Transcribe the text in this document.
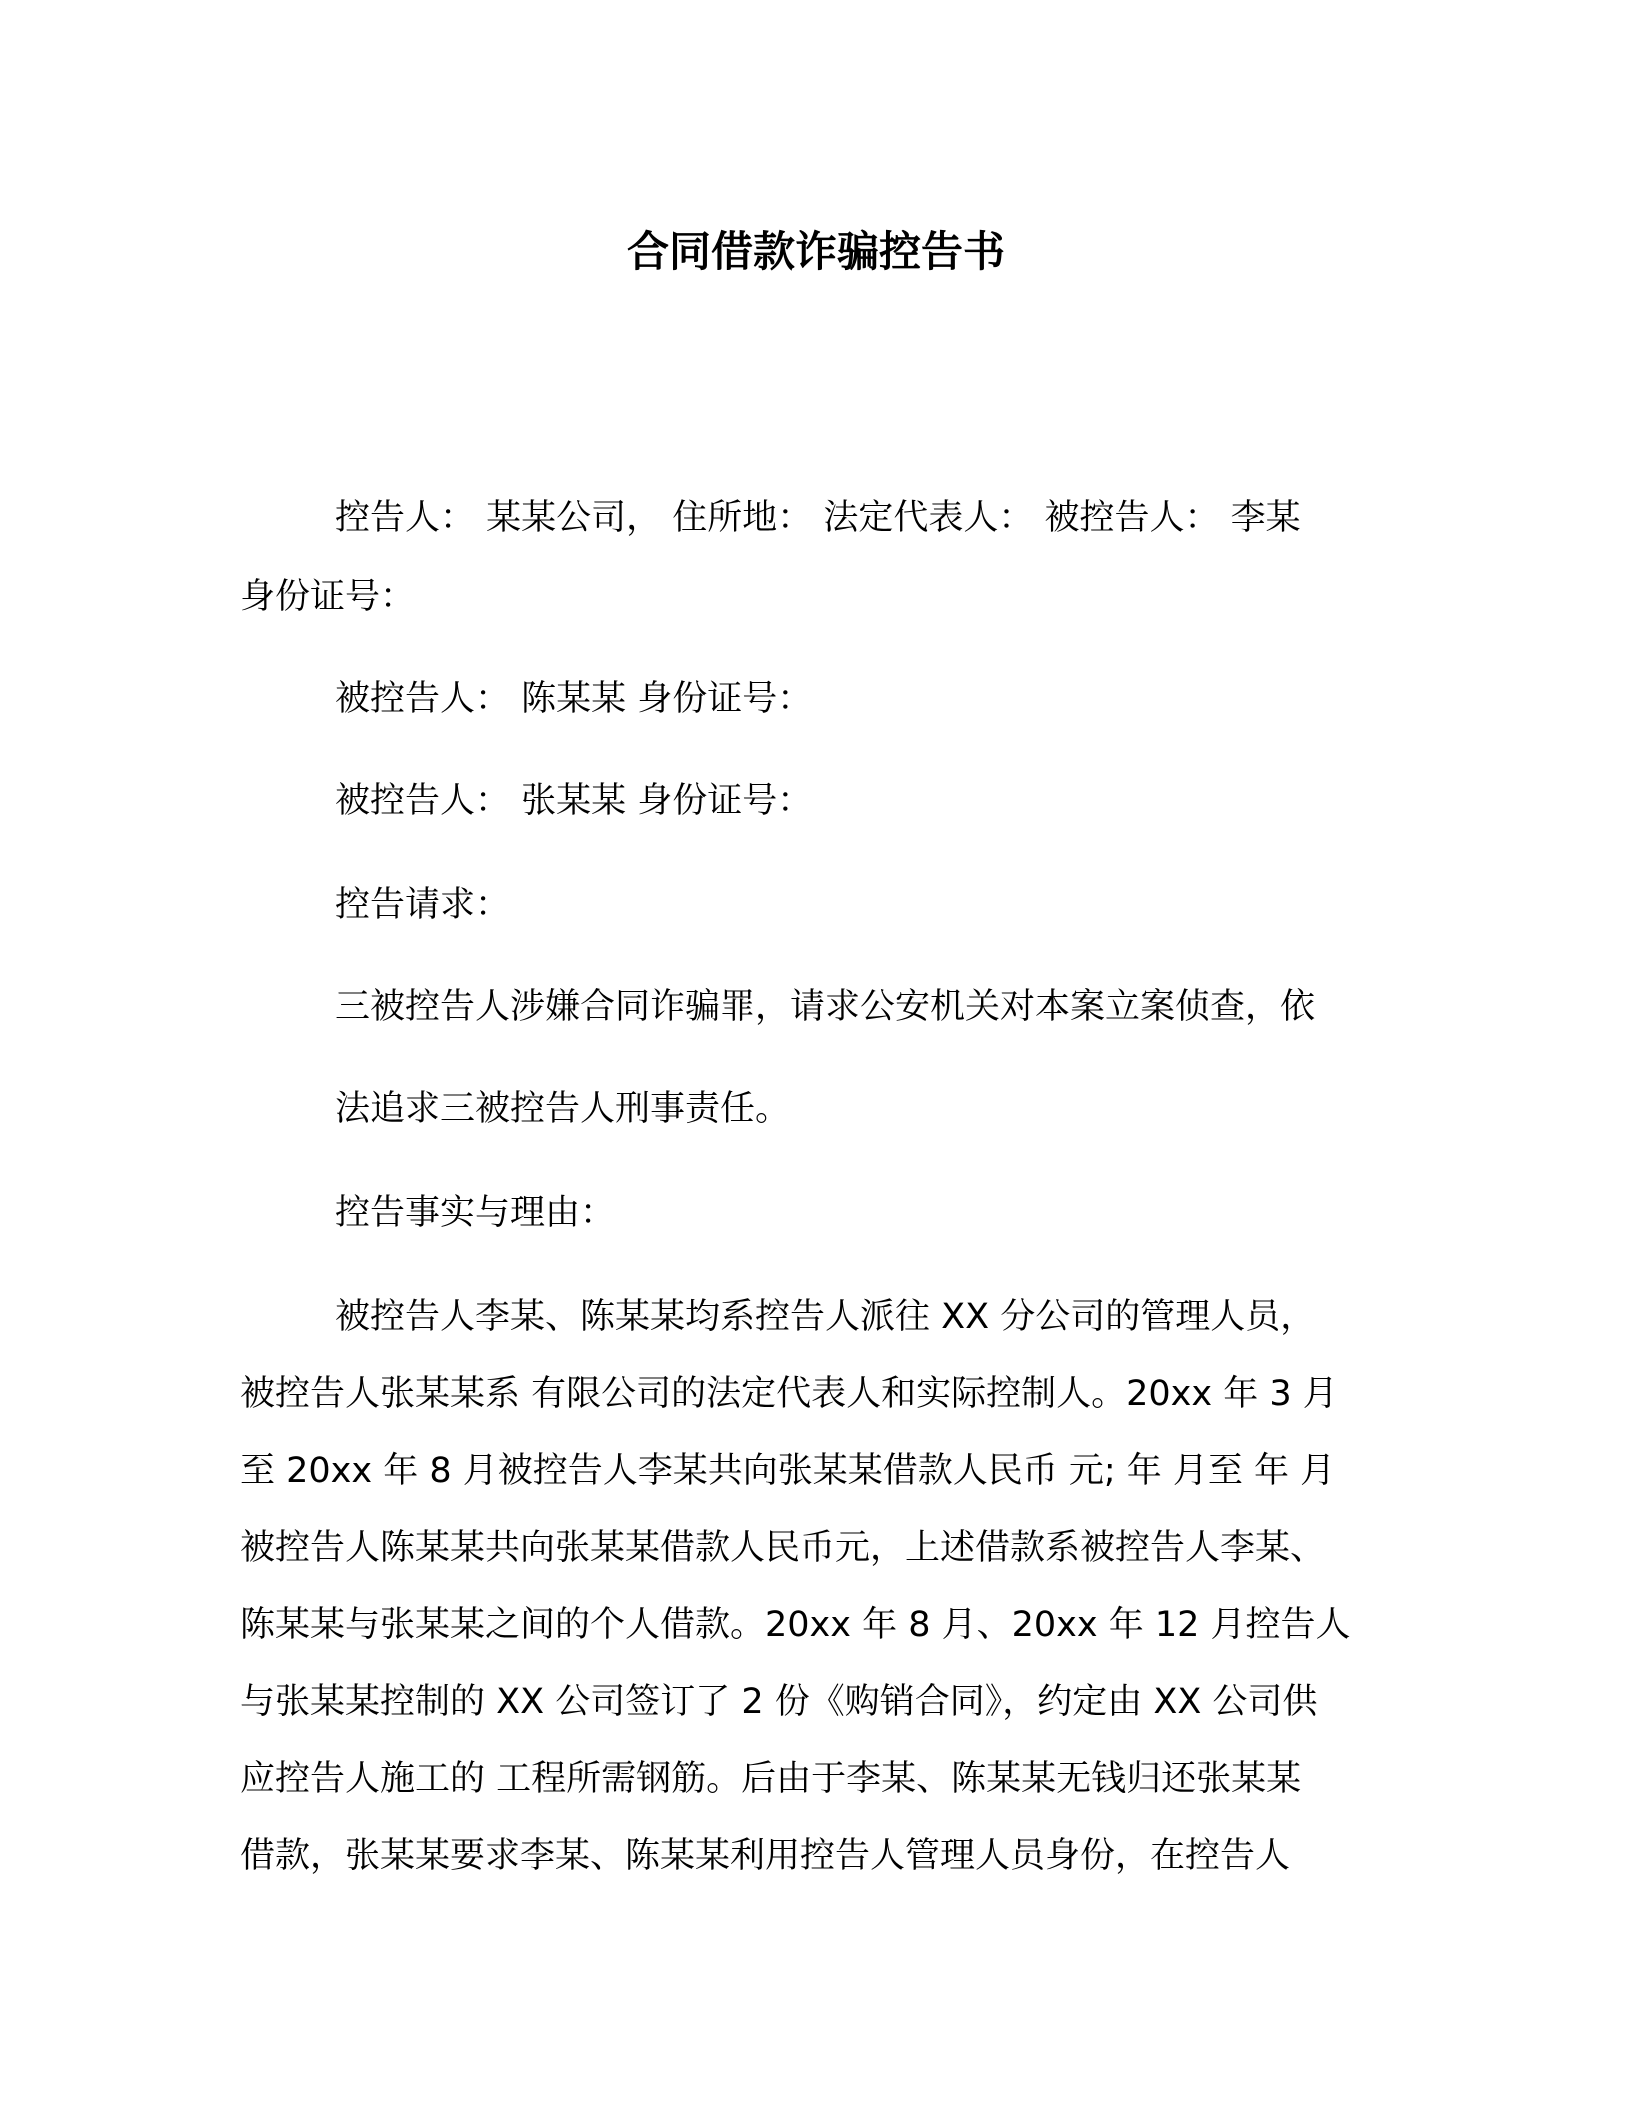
合同借款诈骗控告书
控告人： 某某公司， 住所地： 法定代表人： 被控告人： 李某
身份证号：
被控告人： 陈某某 身份证号：
被控告人： 张某某 身份证号：
控告请求：
三被控告人涉嫌合同诈骗罪，请求公安机关对本案立案侦查，依
法追求三被控告人刑事责任。
控告事实与理由：
被控告人李某、陈某某均系控告人派往 XX 分公司的管理人员，
被控告人张某某系 有限公司的法定代表人和实际控制人。20xx 年 3 月
至 20xx 年 8 月被控告人李某共向张某某借款人民币 元; 年 月至 年 月
被控告人陈某某共向张某某借款人民币元，上述借款系被控告人李某、
陈某某与张某某之间的个人借款。20xx 年 8 月、20xx 年 12 月控告人
与张某某控制的 XX 公司签订了 2 份《购销合同》，约定由 XX 公司供
应控告人施工的 工程所需钢筋。后由于李某、陈某某无钱归还张某某
借款，张某某要求李某、陈某某利用控告人管理人员身份，在控告人
